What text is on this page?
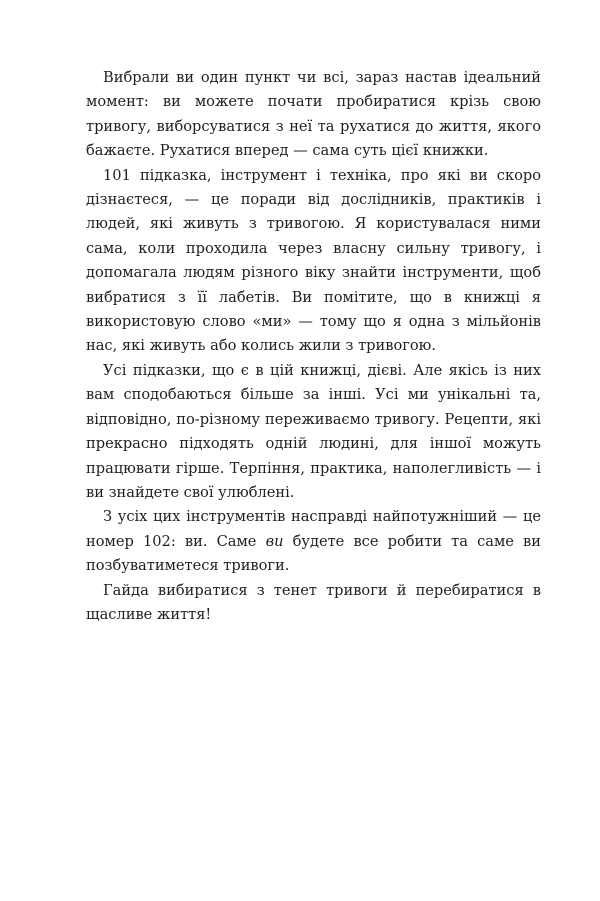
Вибрали ви один пункт чи всі, зараз настав ідеальний момент: ви можете почати пробиратися крізь свою тривогу, виборсуватися з неї та рухатися до життя, якого бажаєте. Рухатися вперед — сама суть цієї книжки.

101 підказка, інструмент і техніка, про які ви скоро дізнаєтеся, — це поради від дослідників, практиків і людей, які живуть з тривогою. Я користувалася ними сама, коли проходила через власну сильну тривогу, і допомагала людям різного віку знайти інструменти, щоб вибратися з її лабетів. Ви помітите, що в книжці я використовую слово «ми» — тому що я одна з мільйонів нас, які живуть або колись жили з тривогою.

Усі підказки, що є в цій книжці, дієві. Але якісь із них вам сподобаються більше за інші. Усі ми унікальні та, відповідно, по-різному переживаємо тривогу. Рецепти, які прекрасно підходять одній людині, для іншої можуть працювати гірше. Терпіння, практика, наполегливість — і ви знайдете свої улюблені.

З усіх цих інструментів насправді найпотужніший — це номер 102: ви. Саме ви будете все робити та саме ви позбуватиметеся тривоги.

Гайда вибиратися з тенет тривоги й перебиратися в щасливе життя!
